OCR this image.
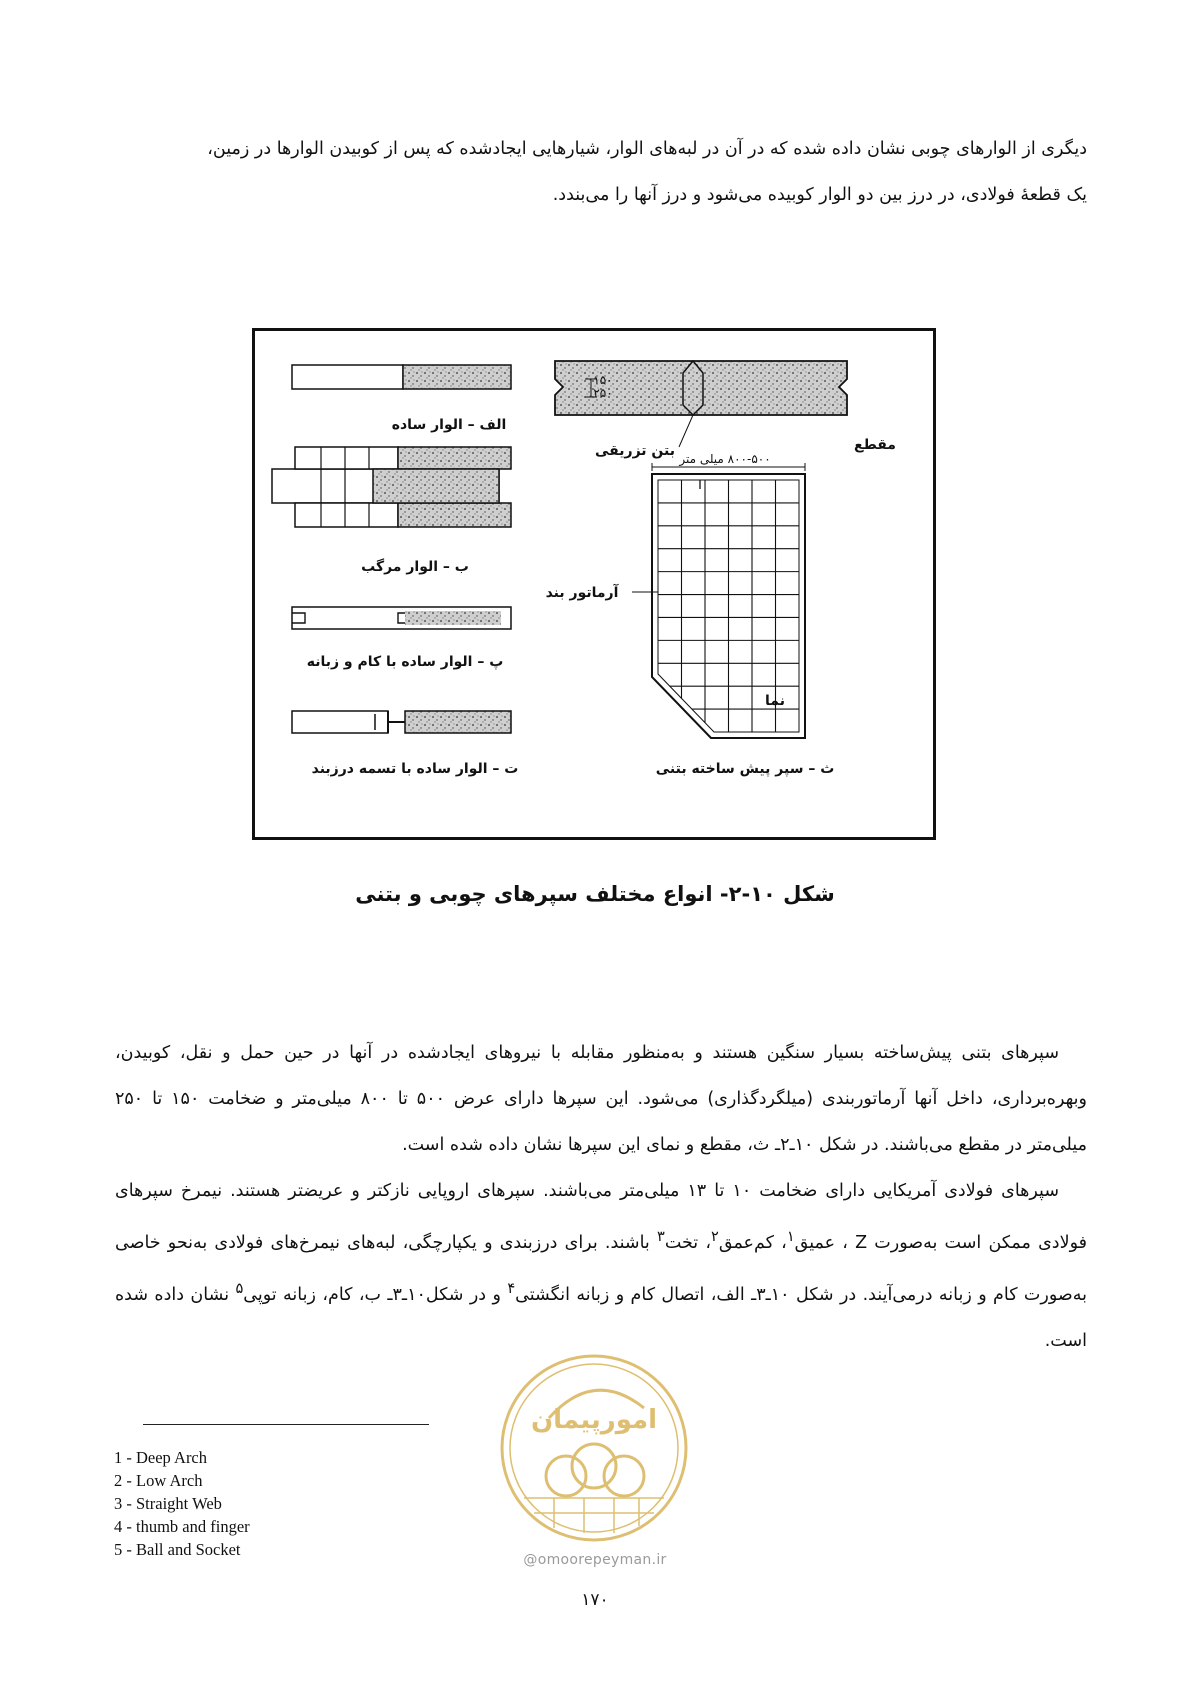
دیگری از الوارهای چوبی نشان داده شده که در آن در لبه‌های الوار، شیارهایی ایجادشده که پس از کوبیدن الوارها در زمین،

یک قطعهٔ فولادی، در درز بین دو الوار کوبیده می‌شود و درز آنها را می‌بندد.

الف – الوار ساده
ب – الوار مرگب
پ – الوار ساده با کام و زبانه
ت – الوار ساده با تسمه درزبند
۱۵۰
۲۵۰
مقطع
بتن تزریقی ۸۰۰-۵۰۰ میلی متر
آرماتور بند
نما
ث – سپر پیش ساخته بتنی
شکل ۱۰-۲- انواع مختلف سپرهای چوبی و بتنی

سپرهای بتنی پیش‌ساخته بسیار سنگین هستند و به‌منظور مقابله با نیروهای ایجادشده در آنها در حین حمل و نقل، کوبیدن، وبهره‌برداری، داخل آنها آرماتوربندی (میلگردگذاری) می‌شود. این سپرها دارای عرض ۵۰۰ تا ۸۰۰ میلی‌متر و ضخامت ۱۵۰ تا ۲۵۰ میلی‌متر در مقطع می‌باشند. در شکل ۱۰ـ۲ـ ث، مقطع و نمای این سپرها نشان داده شده است.

سپرهای فولادی آمریکایی دارای ضخامت ۱۰ تا ۱۳ میلی‌متر می‌باشند. سپرهای اروپایی نازکتر و عریضتر هستند. نیمرخ سپرهای فولادی ممکن است به‌صورت Z ، عمیق$^۱$، کم‌عمق$^۲$، تخت$^۳$ باشند. برای درزبندی و یکپارچگی، لبه‌های نیمرخ‌های فولادی به‌نحو خاصی به‌صورت کام و زبانه درمی‌آیند. در شکل ۱۰ـ۳ـ الف، اتصال کام و زبانه انگشتی$^۴$ و در شکل۱۰ـ۳ـ ب، کام، زبانه توپی$^۵$ نشان داده شده است.

1 - Deep Arch
2 - Low Arch
3 - Straight Web
4 - thumb and finger
5 - Ball and Socket
امورپیمان
@omoorepeyman.ir
۱۷۰
